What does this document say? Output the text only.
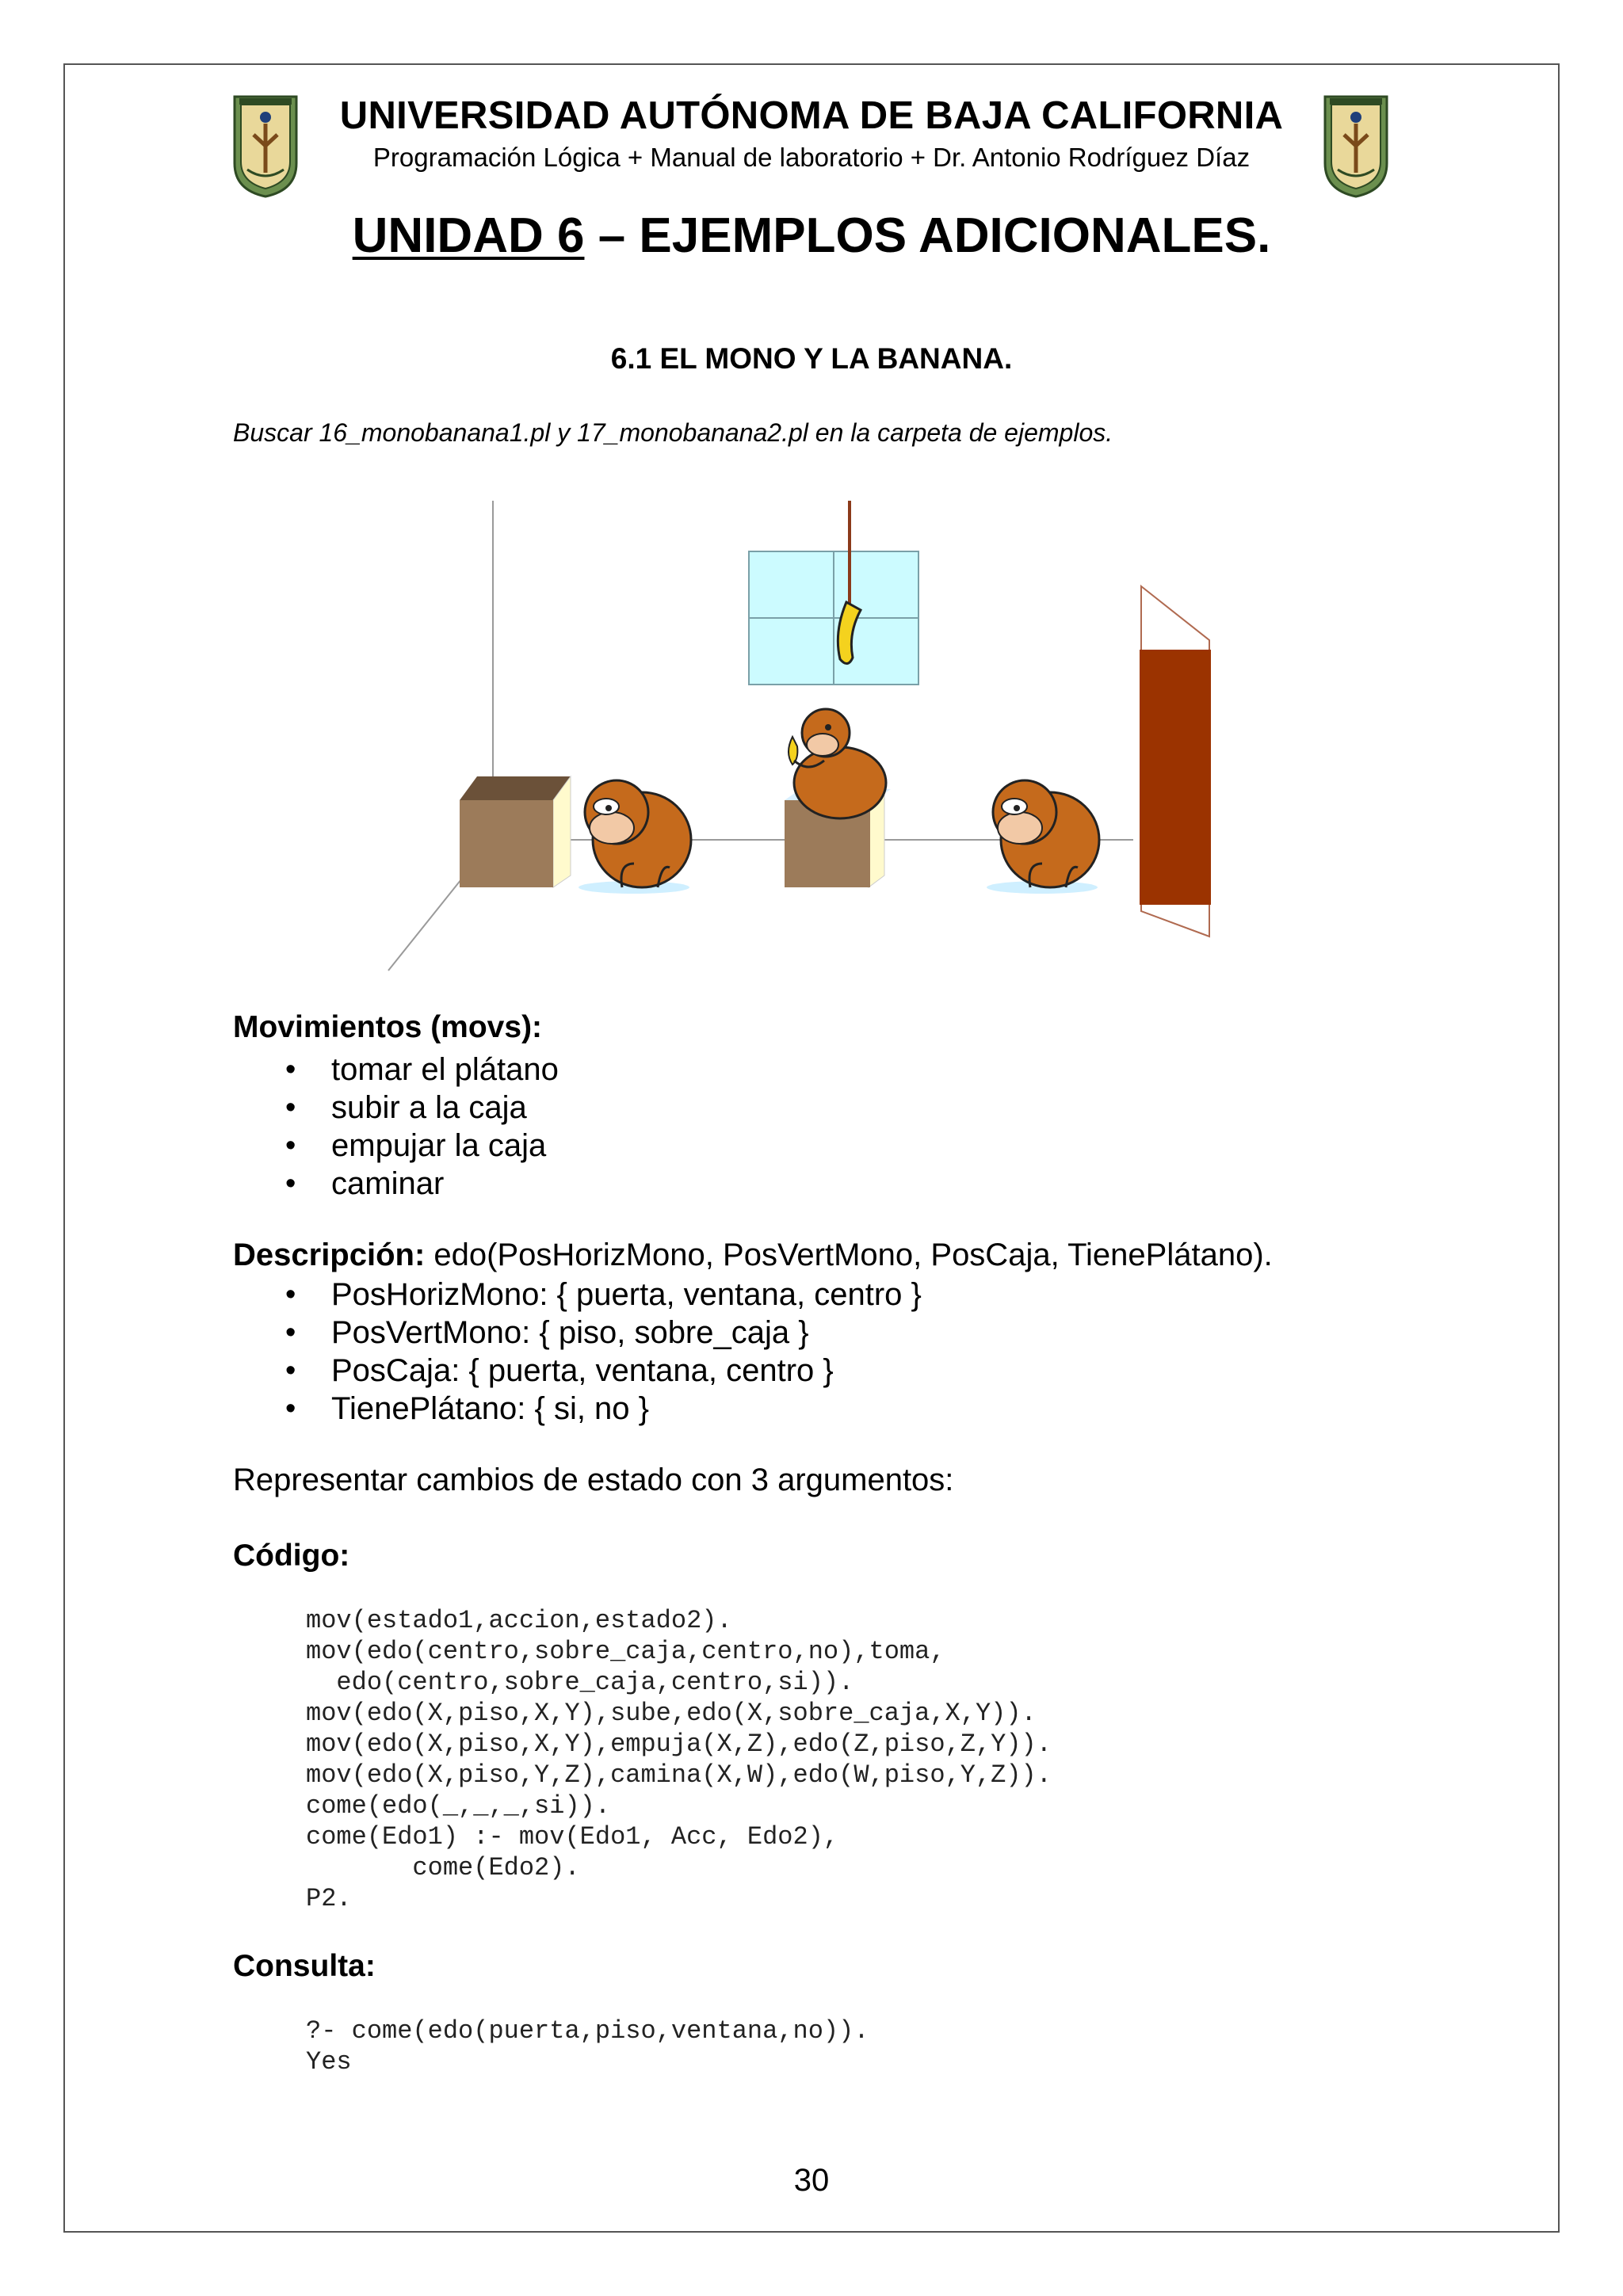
UNIVERSIDAD AUTÓNOMA DE BAJA CALIFORNIA
Programación Lógica + Manual de laboratorio + Dr. Antonio Rodríguez Díaz
UNIDAD 6 – EJEMPLOS ADICIONALES.
6.1 EL MONO Y LA BANANA.
Buscar 16_monobanana1.pl y 17_monobanana2.pl en la carpeta de ejemplos.
Movimientos (movs):
• tomar el plátano
• subir a la caja
• empujar la caja
• caminar
Descripción: edo(PosHorizMono, PosVertMono, PosCaja, TienePlátano).
• PosHorizMono: { puerta, ventana, centro }
• PosVertMono: { piso, sobre_caja }
• PosCaja: { puerta, ventana, centro }
• TienePlátano: { si, no }
Representar cambios de estado con 3 argumentos:
Código:
mov(estado1,accion,estado2).
mov(edo(centro,sobre_caja,centro,no),toma,
edo(centro,sobre_caja,centro,si)).
mov(edo(X,piso,X,Y),sube,edo(X,sobre_caja,X,Y)).
mov(edo(X,piso,X,Y),empuja(X,Z),edo(Z,piso,Z,Y)).
mov(edo(X,piso,Y,Z),camina(X,W),edo(W,piso,Y,Z)).
come(edo(_,_,_,si)).
come(Edo1) :- mov(Edo1, Acc, Edo2),
come(Edo2).
P2.
Consulta:
?- come(edo(puerta,piso,ventana,no)).
Yes
30
